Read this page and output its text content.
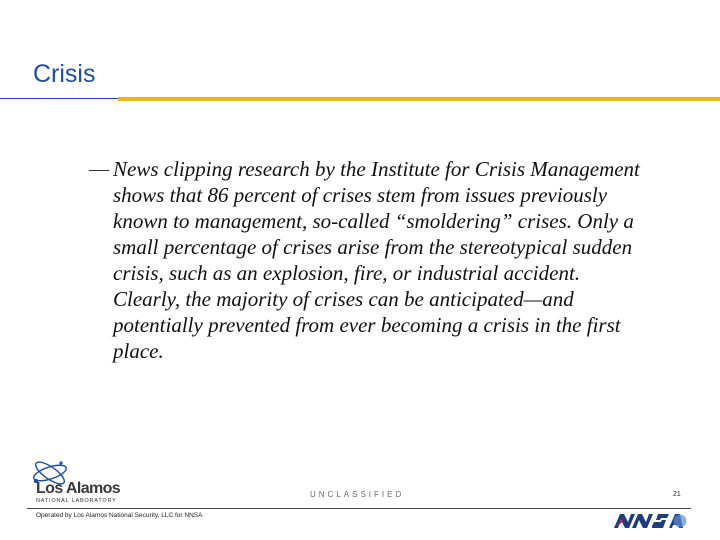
Crisis
— News clipping research by the Institute for Crisis Management shows that 86 percent of crises stem from issues previously known to management, so-called “smoldering” crises. Only a small percentage of crises arise from the stereotypical sudden crisis, such as an explosion, fire, or industrial accident. Clearly, the majority of crises can be anticipated—and potentially prevented from ever becoming a crisis in the first place.
Los Alamos
NATIONAL LABORATORY
Operated by Los Alamos National Security, LLC for NNSA
UNCLASSIFIED	21
